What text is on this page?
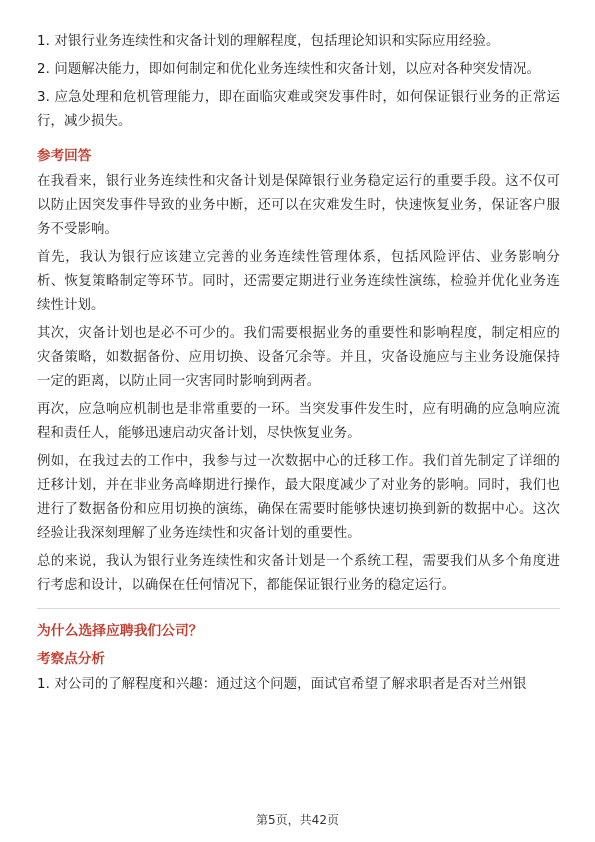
1. 对银行业务连续性和灾备计划的理解程度，包括理论知识和实际应用经验。

2. 问题解决能力，即如何制定和优化业务连续性和灾备计划，以应对各种突发情况。

3. 应急处理和危机管理能力，即在面临灾难或突发事件时，如何保证银行业务的正常运行，减少损失。

参考回答

在我看来，银行业务连续性和灾备计划是保障银行业务稳定运行的重要手段。这不仅可以防止因突发事件导致的业务中断，还可以在灾难发生时，快速恢复业务，保证客户服务不受影响。

首先，我认为银行应该建立完善的业务连续性管理体系，包括风险评估、业务影响分析、恢复策略制定等环节。同时，还需要定期进行业务连续性演练，检验并优化业务连续性计划。

其次，灾备计划也是必不可少的。我们需要根据业务的重要性和影响程度，制定相应的灾备策略，如数据备份、应用切换、设备冗余等。并且，灾备设施应与主业务设施保持一定的距离，以防止同一灾害同时影响到两者。

再次，应急响应机制也是非常重要的一环。当突发事件发生时，应有明确的应急响应流程和责任人，能够迅速启动灾备计划，尽快恢复业务。

例如，在我过去的工作中，我参与过一次数据中心的迁移工作。我们首先制定了详细的迁移计划，并在非业务高峰期进行操作，最大限度减少了对业务的影响。同时，我们也进行了数据备份和应用切换的演练，确保在需要时能够快速切换到新的数据中心。这次经验让我深刻理解了业务连续性和灾备计划的重要性。

总的来说，我认为银行业务连续性和灾备计划是一个系统工程，需要我们从多个角度进行考虑和设计，以确保在任何情况下，都能保证银行业务的稳定运行。

为什么选择应聘我们公司？
考察点分析

1. 对公司的了解程度和兴趣：通过这个问题，面试官希望了解求职者是否对兰州银

第5页，共42页
